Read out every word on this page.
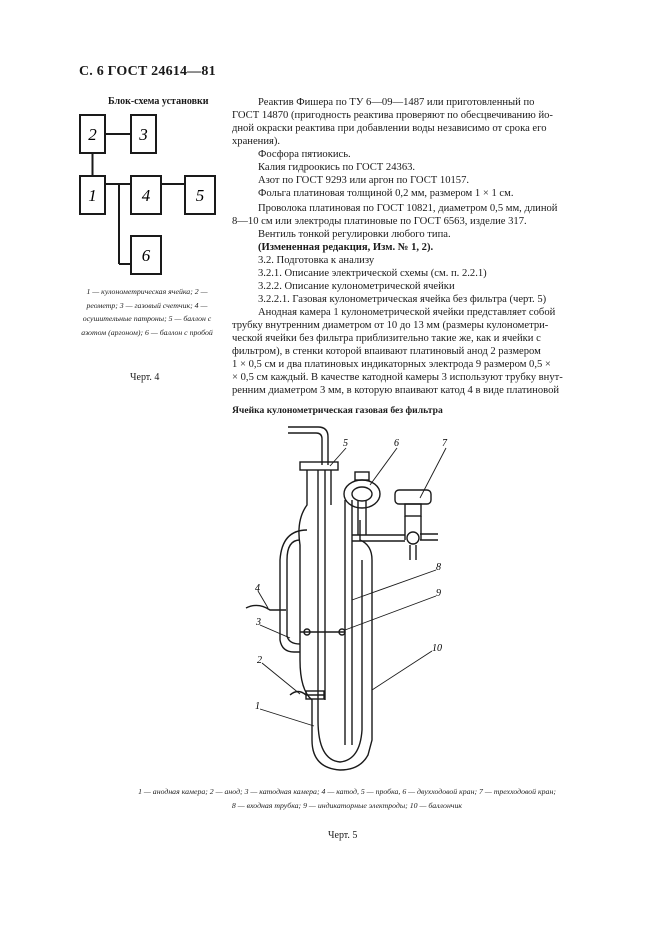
С. 6 ГОСТ 24614—81
Блок-схема установки
2	3
1	4	5
6
1 — кулонометрическая ячейка; 2 — реометр; 3 — газовый счетчик; 4 — осушительные патроны; 5 — баллон с азотом (аргоном); 6 — баллон с пробой
Черт. 4
Реактив Фишера по ТУ 6—09—1487 или приготовленный по
ГОСТ 14870 (пригодность реактива проверяют по обесцвечиванию йо-
дной окраски реактива при добавлении воды независимо от срока его
хранения).
Фосфора пятиокись.
Калия гидроокись по ГОСТ 24363.
Азот по ГОСТ 9293 или аргон по ГОСТ 10157.
Фольга платиновая толщиной 0,2 мм, размером 1 × 1 см.
Проволока платиновая по ГОСТ 10821, диаметром 0,5 мм, длиной
8—10 см или электроды платиновые по ГОСТ 6563, изделие 317.
Вентиль тонкой регулировки любого типа.
(Измененная редакция, Изм. № 1, 2).
3.2. Подготовка к анализу
3.2.1. Описание электрической схемы (см. п. 2.2.1)
3.2.2. Описание кулонометрической ячейки
3.2.2.1. Газовая кулонометрическая ячейка без фильтра (черт. 5)
Анодная камера 1 кулонометрической ячейки представляет собой
трубку внутренним диаметром от 10 до 13 мм (размеры кулонометри-
ческой ячейки без фильтра приблизительно такие же, как и ячейки с
фильтром), в стенки которой впаивают платиновый анод 2 размером
1 × 0,5 см и два платиновых индикаторных электрода 9 размером 0,5 ×
× 0,5 см каждый. В качестве катодной камеры 3 используют трубку внут-
ренним диаметром 3 мм, в которую впаивают катод 4 в виде платиновой
Ячейка кулонометрическая газовая без фильтра
5	6	7
8
9
10
4
3
2
1
1 — анодная камера; 2 — анод; 3 — катодная камера; 4 — катод, 5 — пробка, 6 — двухходовой кран; 7 — трехходовой кран;
8 — входная трубка; 9 — индикаторные электроды; 10 — баллончик
Черт. 5
